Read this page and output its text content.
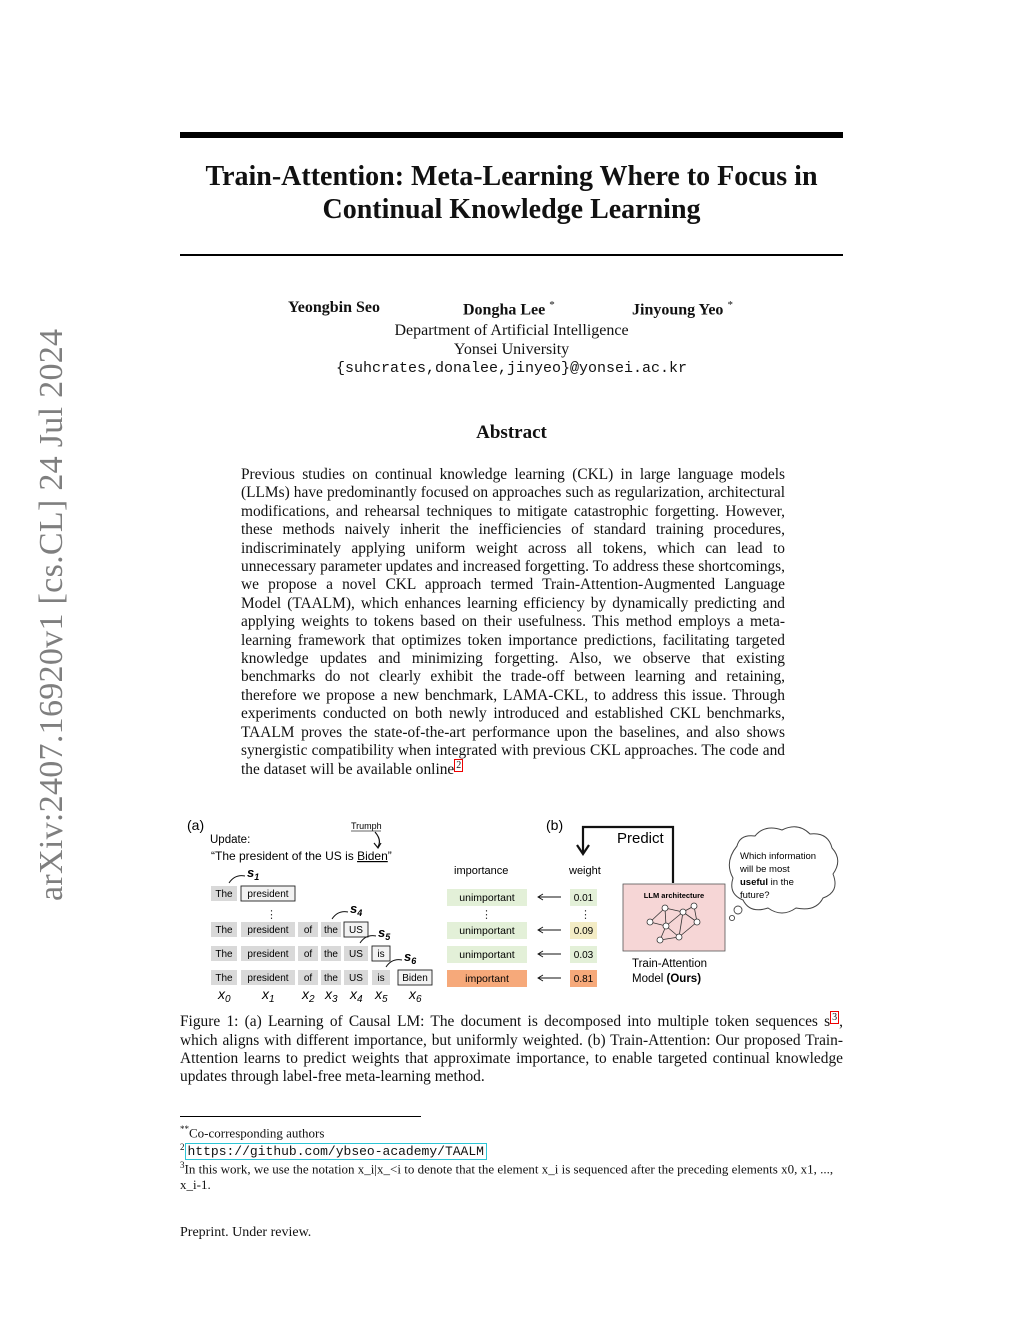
Train-Attention: Meta-Learning Where to Focus in Continual Knowledge Learning
arXiv:2407.16920v1 [cs.CL] 24 Jul 2024
Yeongbin Seo	Dongha Lee *	Jinyoung Yeo *
Department of Artificial Intelligence
Yonsei University
{suhcrates,donalee,jinyeo}@yonsei.ac.kr
Abstract
Previous studies on continual knowledge learning (CKL) in large language models (LLMs) have predominantly focused on approaches such as regularization, architectural modifications, and rehearsal techniques to mitigate catastrophic forgetting. However, these methods naively inherit the inefficiencies of standard training procedures, indiscriminately applying uniform weight across all tokens, which can lead to unnecessary parameter updates and increased forgetting. To address these shortcomings, we propose a novel CKL approach termed Train-Attention-Augmented Language Model (TAALM), which enhances learning efficiency by dynamically predicting and applying weights to tokens based on their usefulness. This method employs a meta-learning framework that optimizes token importance predictions, facilitating targeted knowledge updates and minimizing forgetting. Also, we observe that existing benchmarks do not clearly exhibit the trade-off between learning and retaining, therefore we propose a new benchmark, LAMA-CKL, to address this issue. Through experiments conducted on both newly introduced and established CKL benchmarks, TAALM proves the state-of-the-art performance upon the baselines, and also shows synergistic compatibility when integrated with previous CKL approaches. The code and the dataset will be available online $^2$
(a)
Update:
Trumph
“The president of the US is Biden”
The president
$s_1$
The president of the US
$s_4$
The president of the US is
$s_5$
The president of the US is Biden
$s_6$
⋮
$x_0$ $x_1$ $x_2$ $x_3$ $x_4$ $x_5$ $x_6$
(b)
importance	weight
Predict
unimportant	0.01
unimportant	0.09
unimportant	0.03
important	0.81
⋮	⋮
LLM architecture
Train-Attention
Model (Ours)
Which information
will be most
useful in the
future?
Figure 1: (a) Learning of Causal LM: The document is decomposed into multiple token sequences s $^3$ , which aligns with different importance, but uniformly weighted. (b) Train-Attention: Our proposed Train-Attention learns to predict weights that approximate importance, to enable targeted continual knowledge updates through label-free meta-learning method.
**Co-corresponding authors
$^2$ https://github.com/ybseo-academy/TAALM
$^3$In this work, we use the notation x_i|x_<i to denote that the element x_i is sequenced after the preceding elements x0, x1, ..., x_i-1.
Preprint. Under review.
